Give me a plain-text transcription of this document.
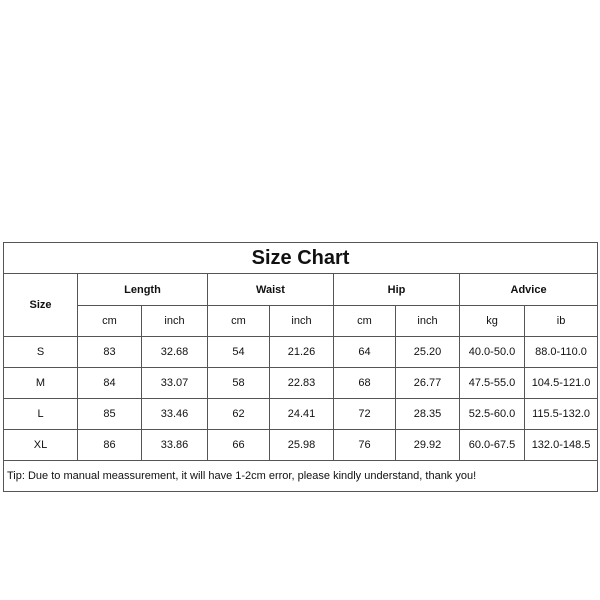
Size Chart								
Size	Length		Waist		Hip		Advice	
	cm	inch	cm	inch	cm	inch	kg	ib
S	83	32.68	54	21.26	64	25.20	40.0-50.0	88.0-110.0
M	84	33.07	58	22.83	68	26.77	47.5-55.0	104.5-121.0
L	85	33.46	62	24.41	72	28.35	52.5-60.0	115.5-132.0
XL	86	33.86	66	25.98	76	29.92	60.0-67.5	132.0-148.5
Tip: Due to manual meassurement, it will have 1-2cm error, please kindly understand, thank you!								
